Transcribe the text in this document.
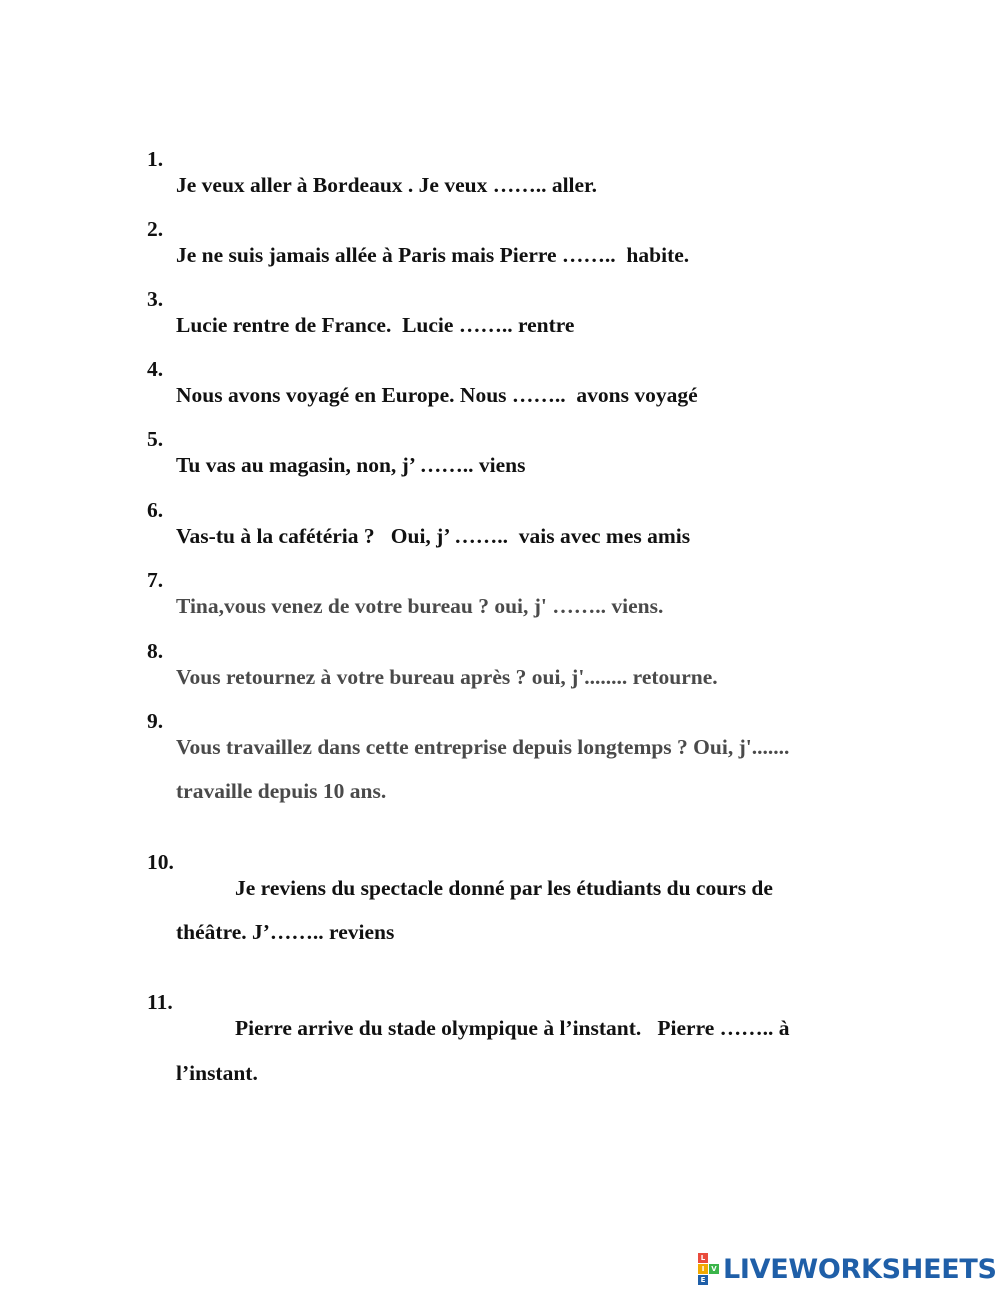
1.

Je veux aller à Bordeaux . Je veux …….. aller.

2.

Je ne suis jamais allée à Paris mais Pierre ……..  habite.

3.

Lucie rentre de France.  Lucie …….. rentre

4.

Nous avons voyagé en Europe. Nous ……..  avons voyagé

5.

Tu vas au magasin, non, j’ …….. viens

6.

Vas-tu à la cafétéria ?   Oui, j’ ……..  vais avec mes amis

7.

Tina,vous venez de votre bureau ? oui, j' …….. viens.

8.

Vous retournez à votre bureau après ? oui, j'........ retourne.

9.

Vous travaillez dans cette entreprise depuis longtemps ? Oui, j'.......

travaille depuis 10 ans.

10.

Je reviens du spectacle donné par les étudiants du cours de

théâtre. J’…….. reviens

11.

Pierre arrive du stade olympique à l’instant.   Pierre …….. à

l’instant.

L
I V
E LIVEWORKSHEETS
